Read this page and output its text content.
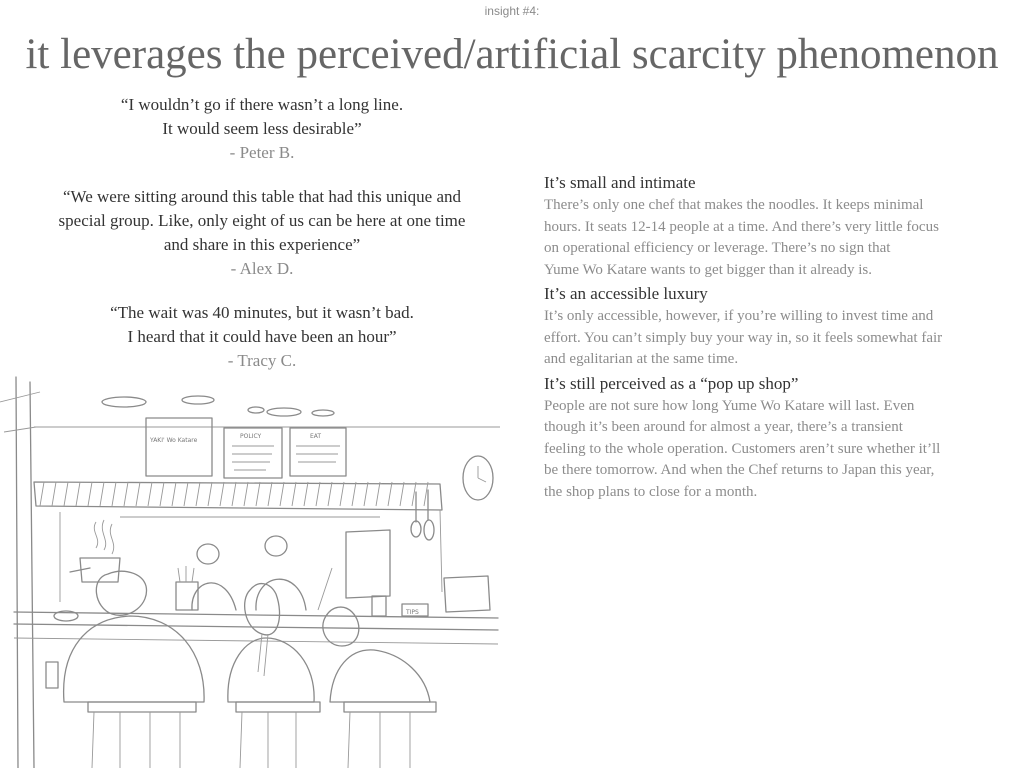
insight #4:
it leverages the perceived/artificial scarcity phenomenon
“I wouldn’t go if there wasn’t a long line.
It would seem less desirable”
- Peter B.
“We were sitting around this table that had this unique and
special group. Like, only eight of us can be here at one time
and share in this experience”
- Alex D.
“The wait was 40 minutes, but it wasn’t bad.
I heard that it could have been an hour”
- Tracy C.
It’s small and intimate
There’s only one chef that makes the noodles. It keeps minimal
hours. It seats 12-14 people at a time. And there’s very little focus
on operational efficiency or leverage. There’s no sign that
Yume Wo Katare wants to get bigger than it already is.
It’s an accessible luxury
It’s only accessible, however, if you’re willing to invest time and
effort. You can’t simply buy your way in, so it feels somewhat fair
and egalitarian at the same time.
It’s still perceived as a “pop up shop”
People are not sure how long Yume Wo Katare will last. Even
though it’s been around for almost a year, there’s a transient
feeling to the whole operation. Customers aren’t sure whether it’ll
be there tomorrow. And when the Chef returns to Japan this year,
the shop plans to close for a month.
YAKI' Wo Katare
POLICY	EAT
TIPS
